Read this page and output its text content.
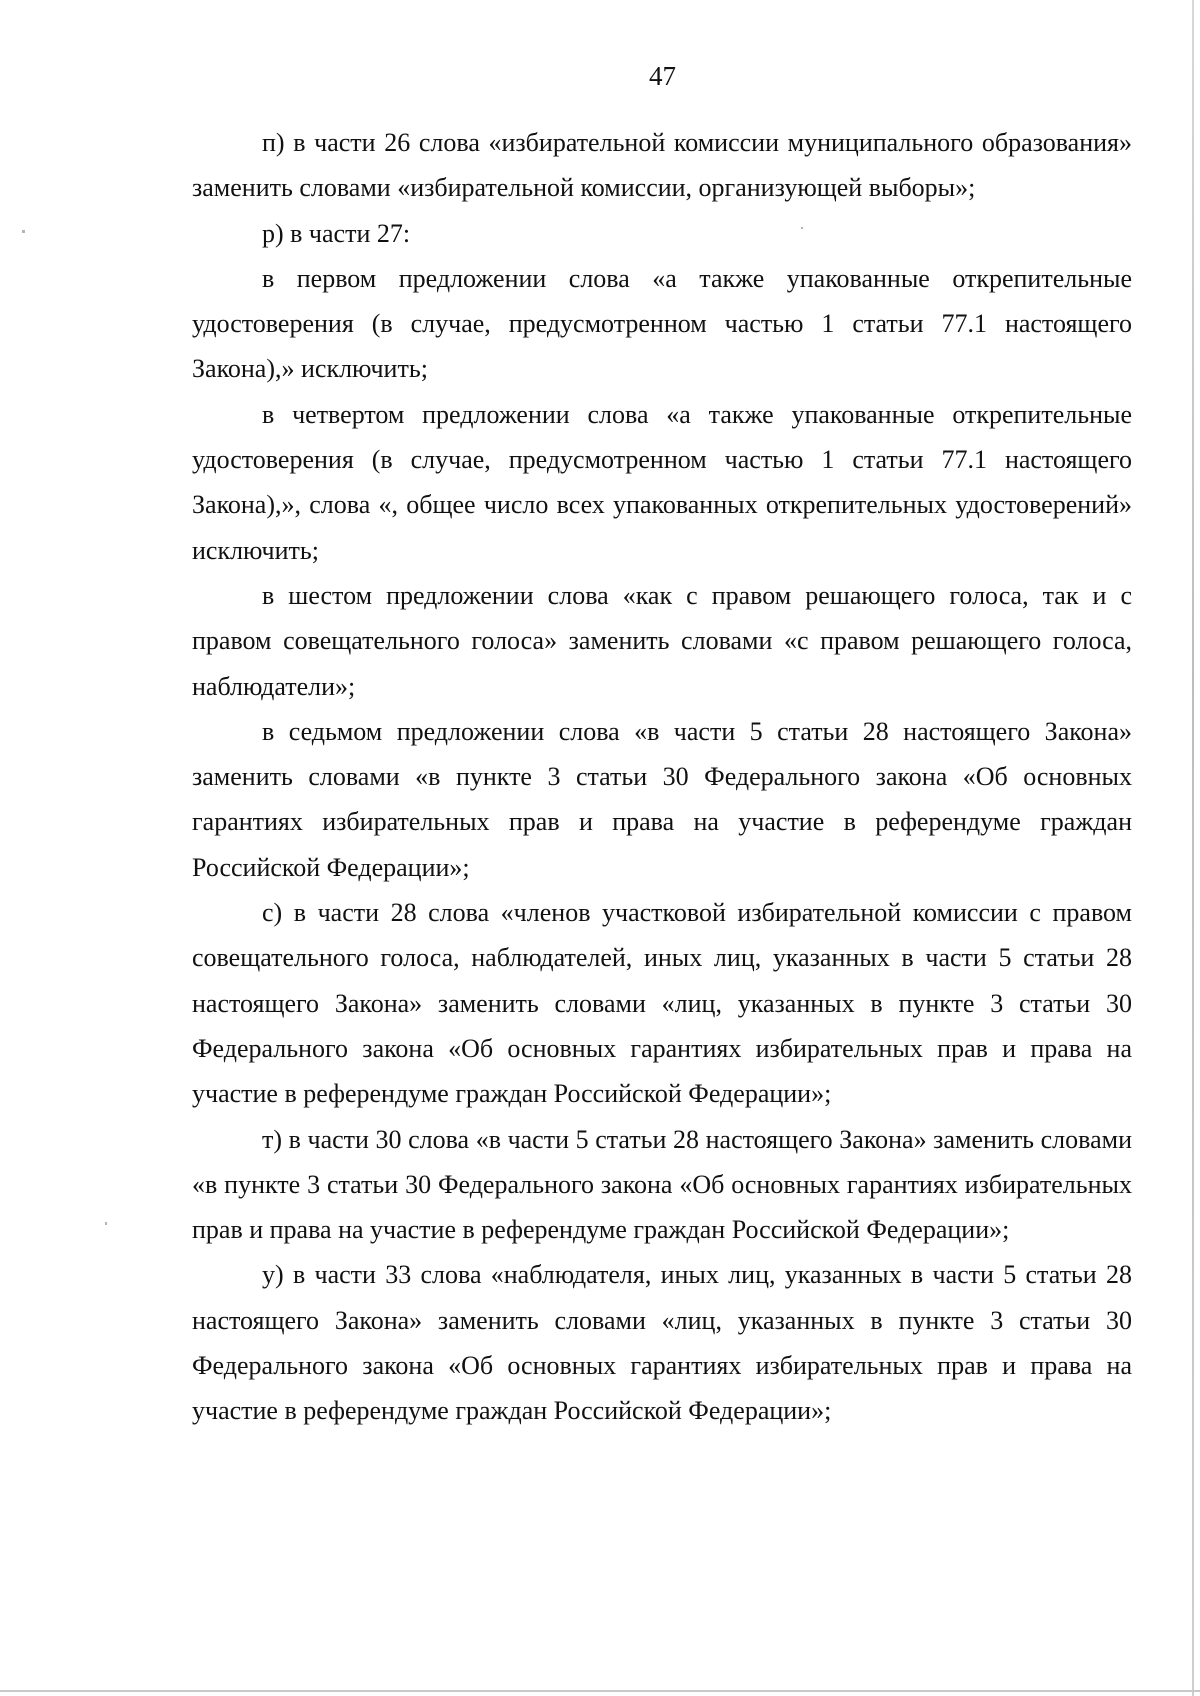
47

п) в части 26 слова «избирательной комиссии муниципального образования» заменить словами «избирательной комиссии, организующей выборы»;

р) в части 27:

в первом предложении слова «а также упакованные открепительные удостоверения (в случае, предусмотренном частью 1 статьи 77.1 настоящего Закона),» исключить;

в четвертом предложении слова «а также упакованные открепительные удостоверения (в случае, предусмотренном частью 1 статьи 77.1 настоящего Закона),», слова «, общее число всех упакованных открепительных удостоверений» исключить;

в шестом предложении слова «как с правом решающего голоса, так и с правом совещательного голоса» заменить словами «с правом решающего голоса, наблюдатели»;

в седьмом предложении слова «в части 5 статьи 28 настоящего Закона» заменить словами «в пункте 3 статьи 30 Федерального закона «Об основных гарантиях избирательных прав и права на участие в референдуме граждан Российской Федерации»;

с) в части 28 слова «членов участковой избирательной комиссии с правом совещательного голоса, наблюдателей, иных лиц, указанных в части 5 статьи 28 настоящего Закона» заменить словами «лиц, указанных в пункте 3 статьи 30 Федерального закона «Об основных гарантиях избирательных прав и права на участие в референдуме граждан Российской Федерации»;

т) в части 30 слова «в части 5 статьи 28 настоящего Закона» заменить словами «в пункте 3 статьи 30 Федерального закона «Об основных гарантиях избирательных прав и права на участие в референдуме граждан Российской Федерации»;

у) в части 33 слова «наблюдателя, иных лиц, указанных в части 5 статьи 28 настоящего Закона» заменить словами «лиц, указанных в пункте 3 статьи 30 Федерального закона «Об основных гарантиях избирательных прав и права на участие в референдуме граждан Российской Федерации»;
